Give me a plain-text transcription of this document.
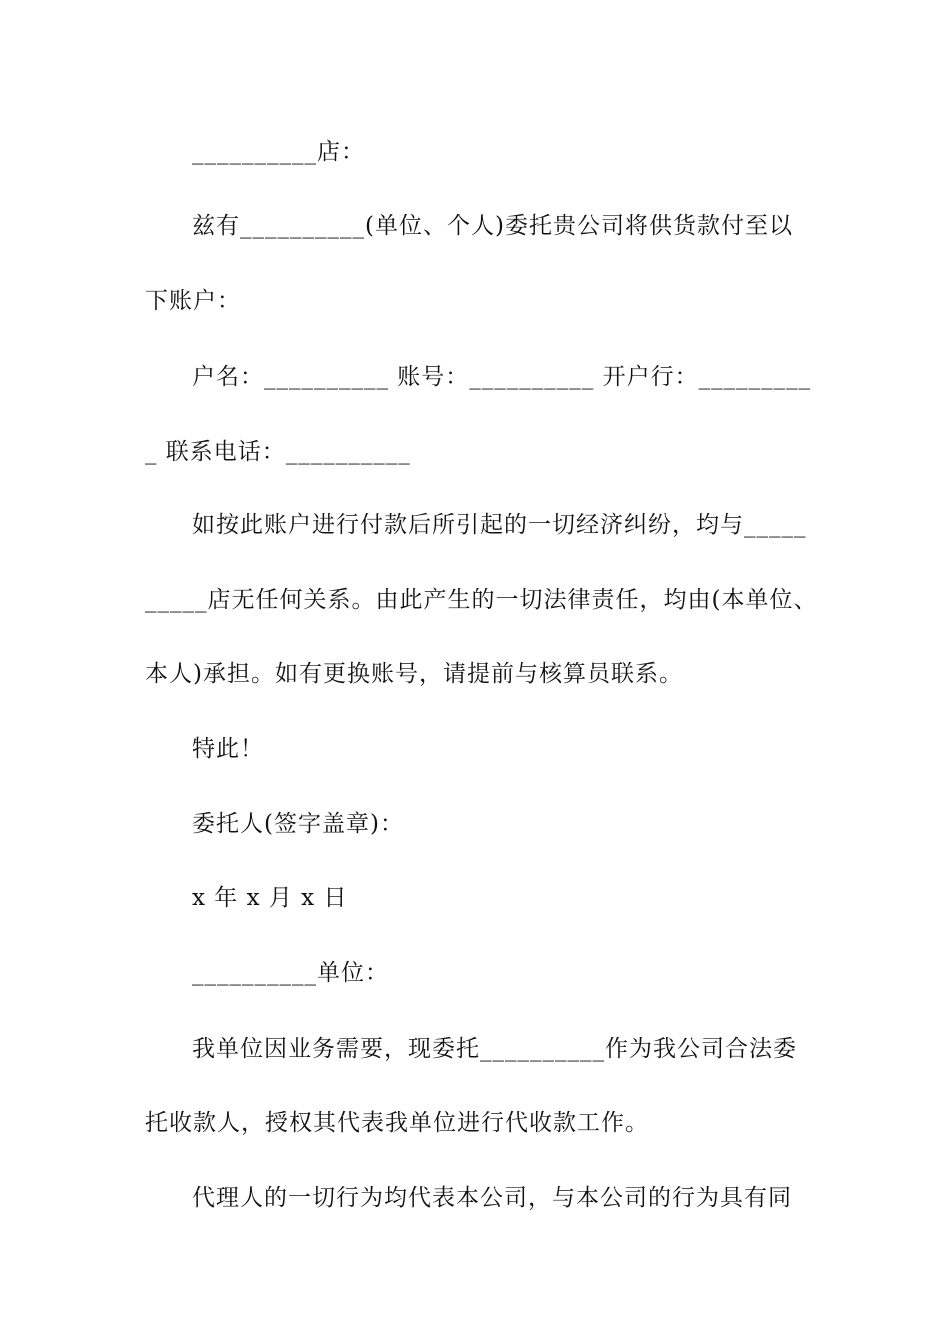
__________店：
兹有__________(单位、个人)委托贵公司将供货款付至以
下账户：
户名：__________ 账号：__________ 开户行：_________
_ 联系电话：__________
如按此账户进行付款后所引起的一切经济纠纷，均与_____
_____店无任何关系。由此产生的一切法律责任，均由(本单位、
本人)承担。如有更换账号，请提前与核算员联系。
特此！
委托人(签字盖章)：
x 年 x 月 x 日
__________单位：
我单位因业务需要，现委托__________作为我公司合法委
托收款人，授权其代表我单位进行代收款工作。
代理人的一切行为均代表本公司，与本公司的行为具有同
